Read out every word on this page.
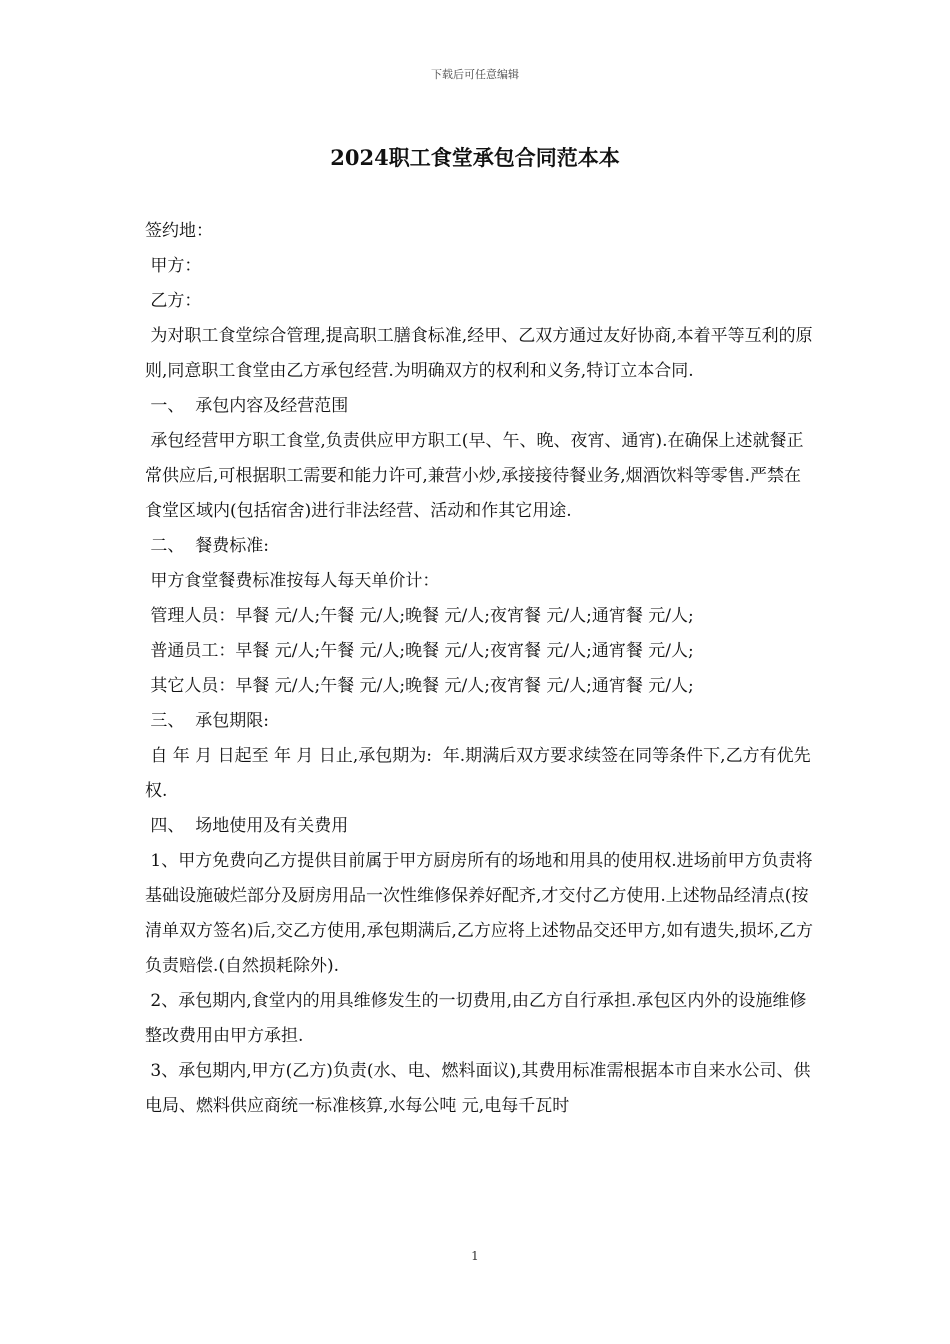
下载后可任意编辑
2024职工食堂承包合同范本本

签约地：

甲方：

乙方：

为对职工食堂综合管理,提高职工膳食标准,经甲、乙双方通过友好协商,本着平等互利的原则,同意职工食堂由乙方承包经营.为明确双方的权利和义务,特订立本合同.

一、  承包内容及经营范围

承包经营甲方职工食堂,负责供应甲方职工(早、午、晚、夜宵、通宵).在确保上述就餐正常供应后,可根据职工需要和能力许可,兼营小炒,承接接待餐业务,烟酒饮料等零售.严禁在食堂区域内(包括宿舍)进行非法经营、活动和作其它用途.

二、  餐费标准:

甲方食堂餐费标准按每人每天单价计：

管理人员：早餐 元/人;午餐 元/人;晚餐 元/人;夜宵餐 元/人;通宵餐 元/人;

普通员工：早餐 元/人;午餐 元/人;晚餐 元/人;夜宵餐 元/人;通宵餐 元/人;

其它人员：早餐 元/人;午餐 元/人;晚餐 元/人;夜宵餐 元/人;通宵餐 元/人;

三、  承包期限:

自 年 月 日起至 年 月 日止,承包期为:  年.期满后双方要求续签在同等条件下,乙方有优先权.

四、  场地使用及有关费用

1、甲方免费向乙方提供目前属于甲方厨房所有的场地和用具的使用权.进场前甲方负责将基础设施破烂部分及厨房用品一次性维修保养好配齐,才交付乙方使用.上述物品经清点(按清单双方签名)后,交乙方使用,承包期满后,乙方应将上述物品交还甲方,如有遗失,损坏,乙方负责赔偿.(自然损耗除外).

2、承包期内,食堂内的用具维修发生的一切费用,由乙方自行承担.承包区内外的设施维修整改费用由甲方承担.

3、承包期内,甲方(乙方)负责(水、电、燃料面议),其费用标准需根据本市自来水公司、供电局、燃料供应商统一标准核算,水每公吨 元,电每千瓦时

1
